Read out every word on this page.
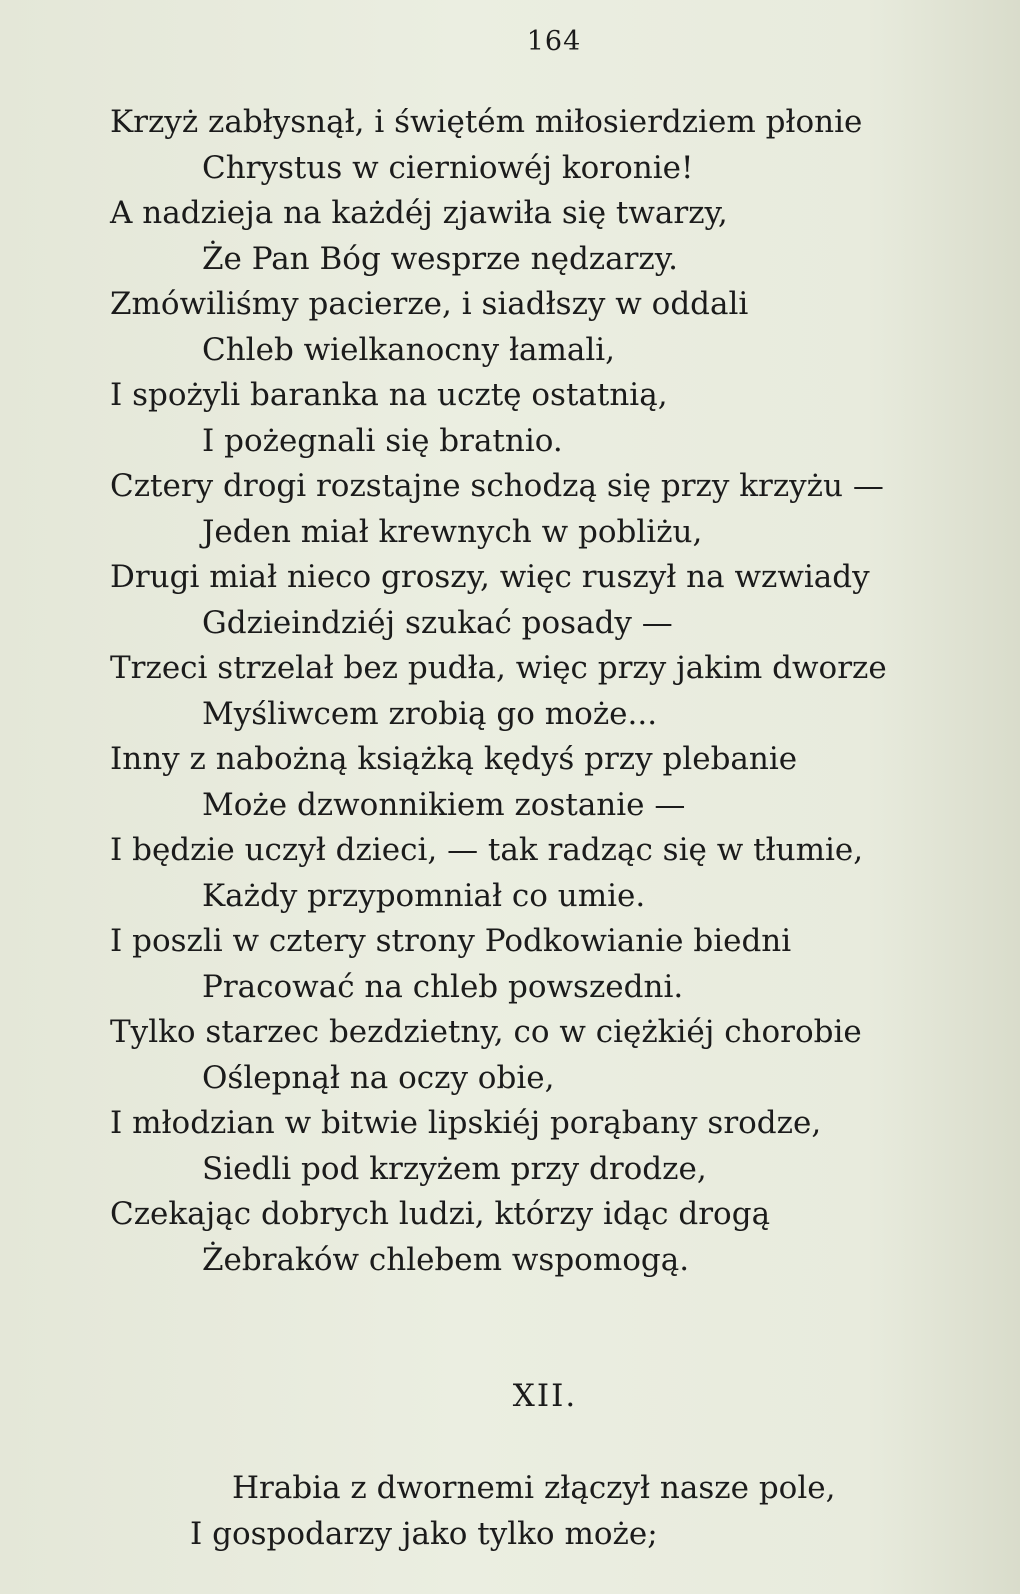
164
Krzyż zabłysnął, i świętém miłosierdziem płonie
Chrystus w cierniowéj koronie!
A nadzieja na każdéj zjawiła się twarzy,
Że Pan Bóg wesprze nędzarzy.
Zmówiliśmy pacierze, i siadłszy w oddali
Chleb wielkanocny łamali,
I spożyli baranka na ucztę ostatnią,
I pożegnali się bratnio.
Cztery drogi rozstajne schodzą się przy krzyżu —
Jeden miał krewnych w pobliżu,
Drugi miał nieco groszy, więc ruszył na wzwiady
Gdzieindziéj szukać posady —
Trzeci strzelał bez pudła, więc przy jakim dworze
Myśliwcem zrobią go może...
Inny z nabożną książką kędyś przy plebanie
Może dzwonnikiem zostanie —
I będzie uczył dzieci, — tak radząc się w tłumie,
Każdy przypomniał co umie.
I poszli w cztery strony Podkowianie biedni
Pracować na chleb powszedni.
Tylko starzec bezdzietny, co w ciężkiéj chorobie
Oślepnął na oczy obie,
I młodzian w bitwie lipskiéj porąbany srodze,
Siedli pod krzyżem przy drodze,
Czekając dobrych ludzi, którzy idąc drogą
Żebraków chlebem wspomogą.
XII.
Hrabia z dwornemi złączył nasze pole,
I gospodarzy jako tylko może;
